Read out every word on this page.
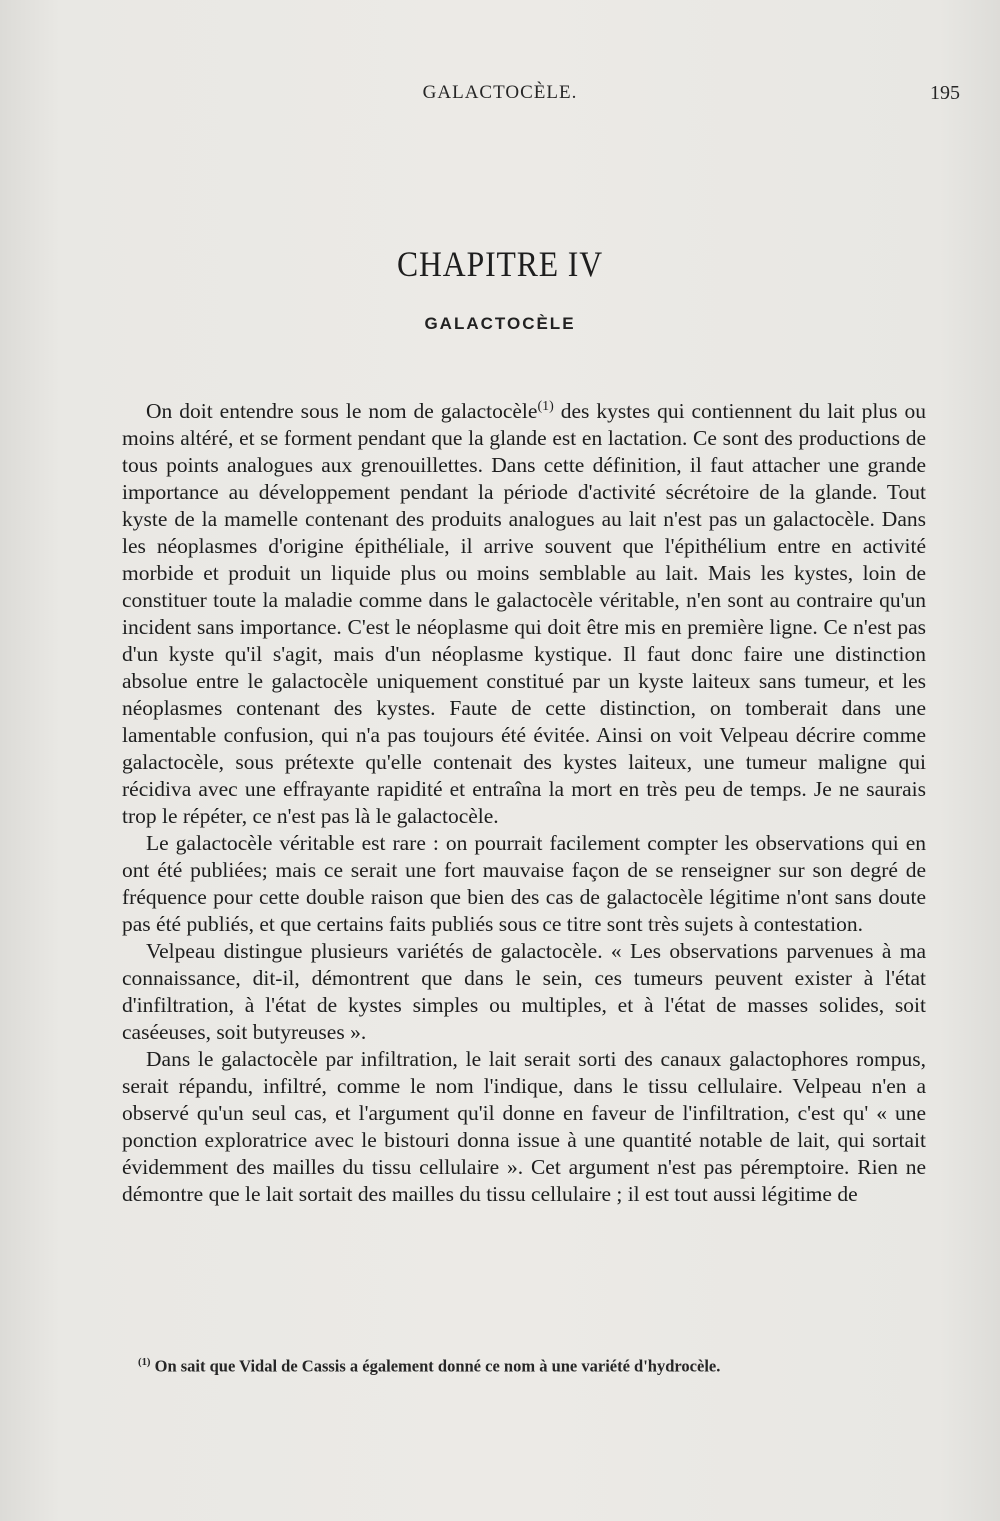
GALACTOCÈLE.	195
CHAPITRE IV
GALACTOCÈLE

On doit entendre sous le nom de galactocèle$^{(1)}$ des kystes qui contiennent du lait plus ou moins altéré, et se forment pendant que la glande est en lactation. Ce sont des productions de tous points analogues aux grenouillettes. Dans cette définition, il faut attacher une grande importance au développement pendant la période d'activité sécrétoire de la glande. Tout kyste de la mamelle contenant des produits analogues au lait n'est pas un galactocèle. Dans les néoplasmes d'origine épithéliale, il arrive souvent que l'épithélium entre en activité morbide et produit un liquide plus ou moins semblable au lait. Mais les kystes, loin de constituer toute la maladie comme dans le galactocèle véritable, n'en sont au contraire qu'un incident sans importance. C'est le néoplasme qui doit être mis en première ligne. Ce n'est pas d'un kyste qu'il s'agit, mais d'un néoplasme kystique. Il faut donc faire une distinction absolue entre le galactocèle uniquement constitué par un kyste laiteux sans tumeur, et les néoplasmes contenant des kystes. Faute de cette distinction, on tomberait dans une lamentable confusion, qui n'a pas toujours été évitée. Ainsi on voit Velpeau décrire comme galactocèle, sous prétexte qu'elle contenait des kystes laiteux, une tumeur maligne qui récidiva avec une effrayante rapidité et entraîna la mort en très peu de temps. Je ne saurais trop le répéter, ce n'est pas là le galactocèle.

Le galactocèle véritable est rare : on pourrait facilement compter les observations qui en ont été publiées; mais ce serait une fort mauvaise façon de se renseigner sur son degré de fréquence pour cette double raison que bien des cas de galactocèle légitime n'ont sans doute pas été publiés, et que certains faits publiés sous ce titre sont très sujets à contestation.

Velpeau distingue plusieurs variétés de galactocèle. « Les observations parvenues à ma connaissance, dit-il, démontrent que dans le sein, ces tumeurs peuvent exister à l'état d'infiltration, à l'état de kystes simples ou multiples, et à l'état de masses solides, soit caséeuses, soit butyreuses ».

Dans le galactocèle par infiltration, le lait serait sorti des canaux galactophores rompus, serait répandu, infiltré, comme le nom l'indique, dans le tissu cellulaire. Velpeau n'en a observé qu'un seul cas, et l'argument qu'il donne en faveur de l'infiltration, c'est qu' « une ponction exploratrice avec le bistouri donna issue à une quantité notable de lait, qui sortait évidemment des mailles du tissu cellulaire ». Cet argument n'est pas péremptoire. Rien ne démontre que le lait sortait des mailles du tissu cellulaire ; il est tout aussi légitime de

$^{(1)}$ On sait que Vidal de Cassis a également donné ce nom à une variété d'hydrocèle.
